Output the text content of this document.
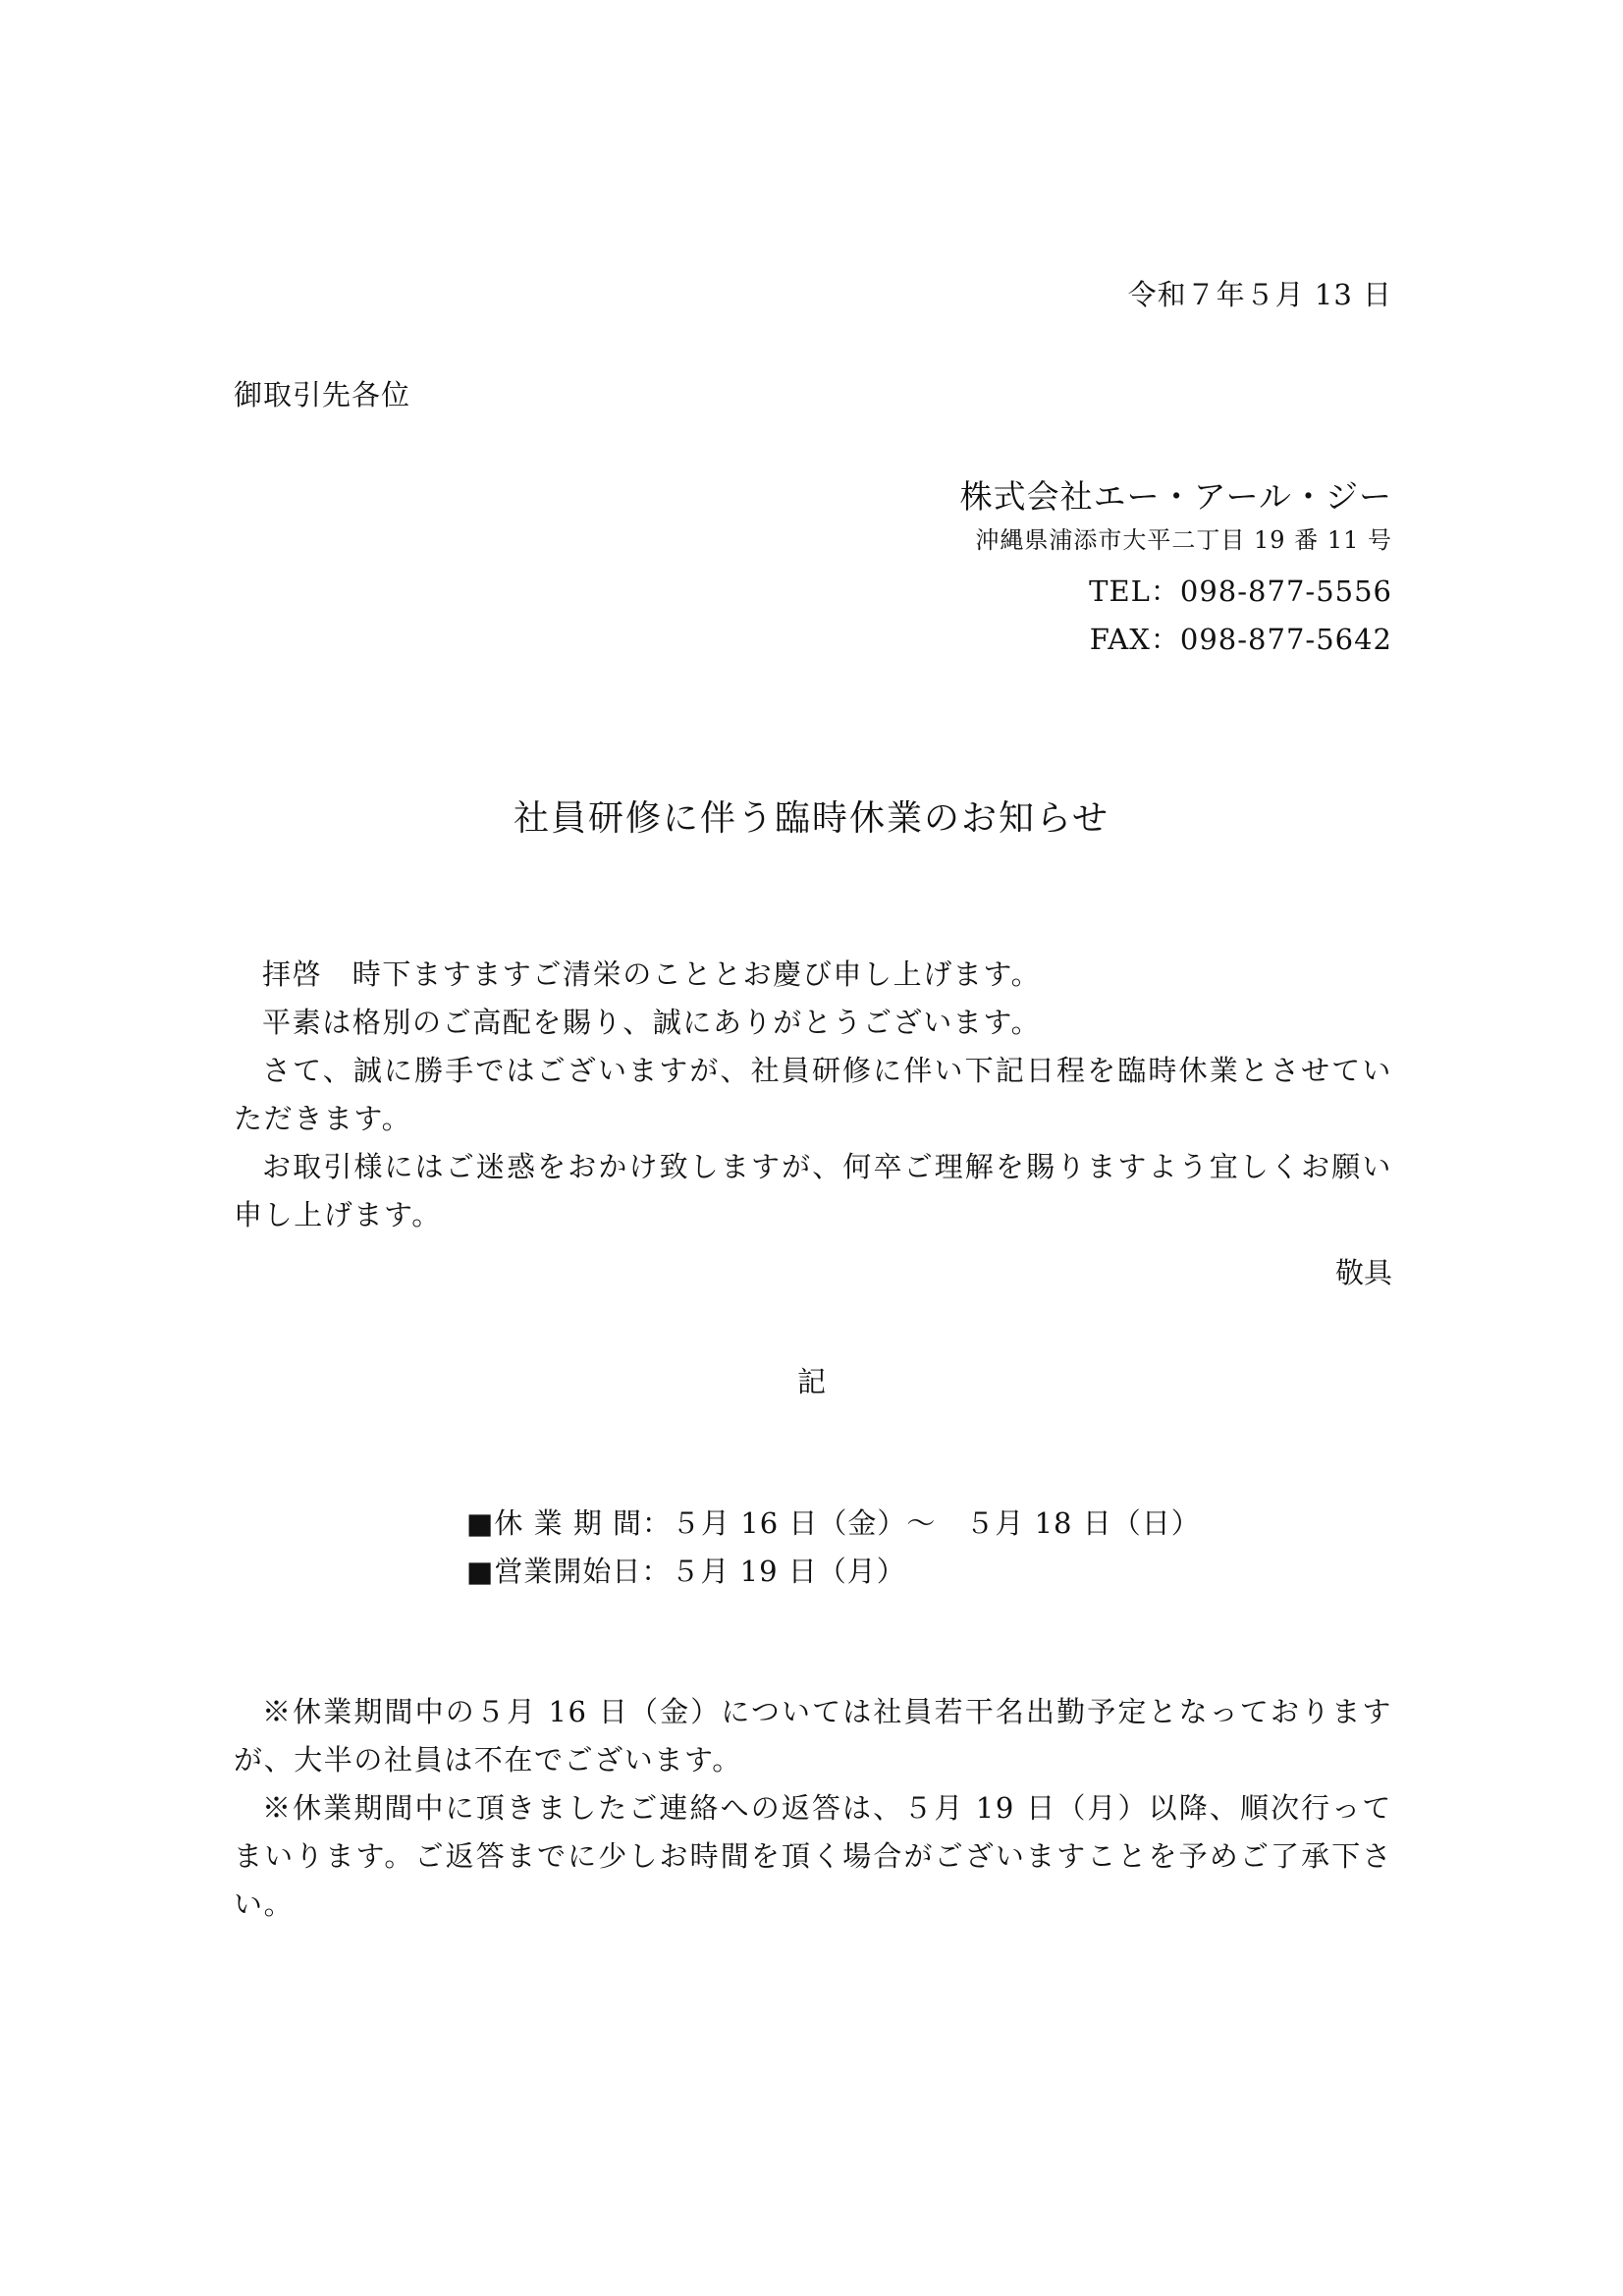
令和７年５月 13 日
御取引先各位
株式会社エー・アール・ジー
沖縄県浦添市大平二丁目 19 番 11 号
TEL：098-877-5556
FAX：098-877-5642
社員研修に伴う臨時休業のお知らせ

拝啓　時下ますますご清栄のこととお慶び申し上げます。

平素は格別のご高配を賜り、誠にありがとうございます。

さて、誠に勝手ではございますが、社員研修に伴い下記日程を臨時休業とさせていただきます。

お取引様にはご迷惑をおかけ致しますが、何卒ご理解を賜りますよう宜しくお願い申し上げます。

敬具
記
■休 業 期 間：５月 16 日（金）～　５月 18 日（日）
■営業開始日：５月 19 日（月）

※休業期間中の５月 16 日（金）については社員若干名出勤予定となっておりますが、大半の社員は不在でございます。

※休業期間中に頂きましたご連絡への返答は、５月 19 日（月）以降、順次行ってまいります。ご返答までに少しお時間を頂く場合がございますことを予めご了承下さい。
